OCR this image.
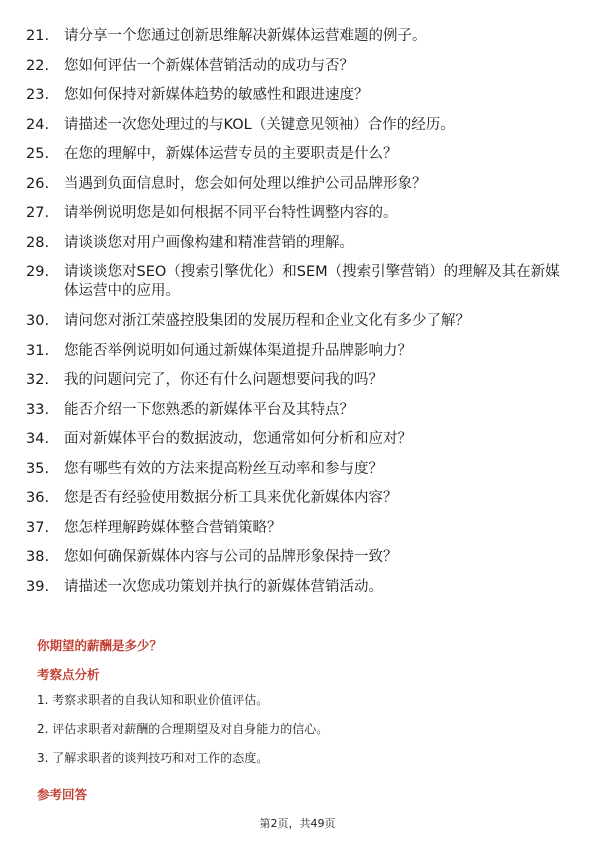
21.	请分享一个您通过创新思维解决新媒体运营难题的例子。
22.	您如何评估一个新媒体营销活动的成功与否？
23.	您如何保持对新媒体趋势的敏感性和跟进速度？
24.	请描述一次您处理过的与KOL（关键意见领袖）合作的经历。
25.	在您的理解中，新媒体运营专员的主要职责是什么？
26.	当遇到负面信息时，您会如何处理以维护公司品牌形象？
27.	请举例说明您是如何根据不同平台特性调整内容的。
28.	请谈谈您对用户画像构建和精准营销的理解。
29.	请谈谈您对SEO（搜索引擎优化）和SEM（搜索引擎营销）的理解及其在新媒体运营中的应用。
30.	请问您对浙江荣盛控股集团的发展历程和企业文化有多少了解？
31.	您能否举例说明如何通过新媒体渠道提升品牌影响力？
32.	我的问题问完了，你还有什么问题想要问我的吗？
33.	能否介绍一下您熟悉的新媒体平台及其特点？
34.	面对新媒体平台的数据波动，您通常如何分析和应对？
35.	您有哪些有效的方法来提高粉丝互动率和参与度？
36.	您是否有经验使用数据分析工具来优化新媒体内容？
37.	您怎样理解跨媒体整合营销策略？
38.	您如何确保新媒体内容与公司的品牌形象保持一致？
39.	请描述一次您成功策划并执行的新媒体营销活动。
你期望的薪酬是多少？
考察点分析
1. 考察求职者的自我认知和职业价值评估。
2. 评估求职者对薪酬的合理期望及对自身能力的信心。
3. 了解求职者的谈判技巧和对工作的态度。
参考回答
第2页，共49页
